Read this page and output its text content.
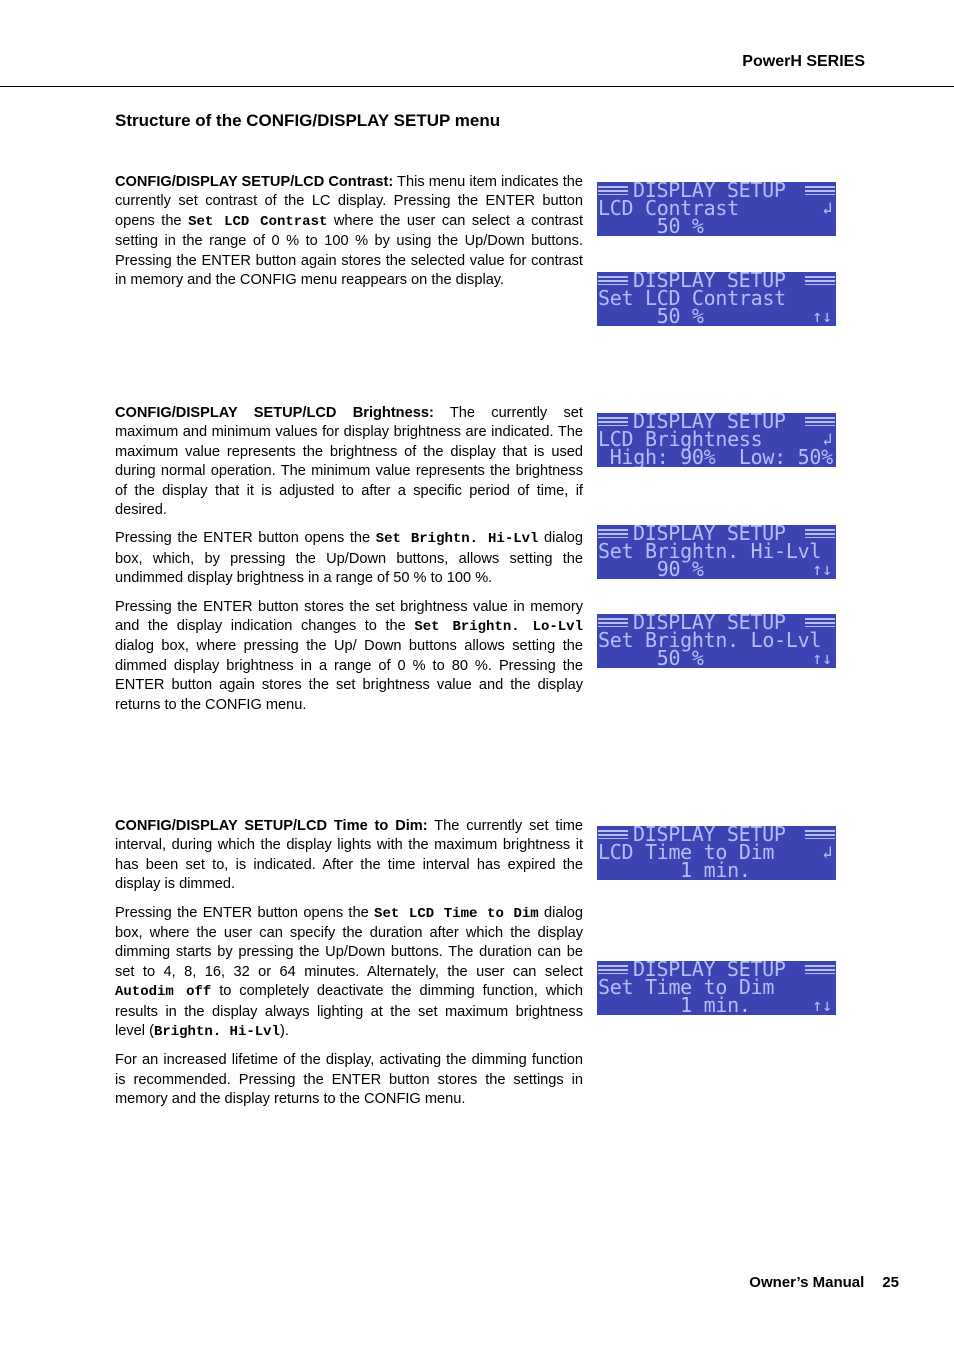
PowerH SERIES
Structure of the CONFIG/DISPLAY SETUP menu

CONFIG/DISPLAY SETUP/LCD Contrast: This menu item indicates the currently set contrast of the LC display. Pressing the ENTER button opens the Set LCD Contrast where the user can select a contrast setting in the range of 0 % to 100 % by using the Up/Down buttons. Pressing the ENTER button again stores the selected value for contrast in memory and the CONFIG menu reappears on the display.

CONFIG/DISPLAY SETUP/LCD Brightness: The currently set maximum and minimum values for display brightness are indicated. The maximum value represents the brightness of the display that is used during normal operation. The minimum value represents the brightness of the display that it is adjusted to after a specific period of time, if desired.

Pressing the ENTER button opens the Set Brightn. Hi-Lvl dialog box, which, by pressing the Up/Down buttons, allows setting the undimmed display brightness in a range of 50 % to 100 %.

Pressing the ENTER button stores the set brightness value in memory and the display indication changes to the Set Brightn. Lo-Lvl dialog box, where pressing the Up/ Down buttons allows setting the dimmed display brightness in a range of 0 % to 80 %. Pressing the ENTER button again stores the set brightness value and the display returns to the CONFIG menu.

CONFIG/DISPLAY SETUP/LCD Time to Dim: The currently set time interval, during which the display lights with the maximum brightness it has been set to, is indicated. After the time interval has expired the display is dimmed.

Pressing the ENTER button opens the Set LCD Time to Dim dialog box, where the user can specify the duration after which the display dimming starts by pressing the Up/Down buttons. The duration can be set to 4, 8, 16, 32 or 64 minutes. Alternately, the user can select Autodim off to completely deactivate the dimming function, which results in the display always lighting at the set maximum brightness level (Brightn. Hi-Lvl).

For an increased lifetime of the display, activating the dimming function is recommended. Pressing the ENTER button stores the settings in memory and the display returns to the CONFIG menu.

DISPLAY SETUP
LCD Contrast	↲
50 %
DISPLAY SETUP
Set LCD Contrast
50 %	↑↓
DISPLAY SETUP
LCD Brightness	↲
High: 90%  Low: 50%
DISPLAY SETUP
Set Brightn. Hi-Lvl
90 %	↑↓
DISPLAY SETUP
Set Brightn. Lo-Lvl
50 %	↑↓
DISPLAY SETUP
LCD Time to Dim	↲
1 min.
DISPLAY SETUP
Set Time to Dim
1 min.	↑↓
Owner’s Manual 25
